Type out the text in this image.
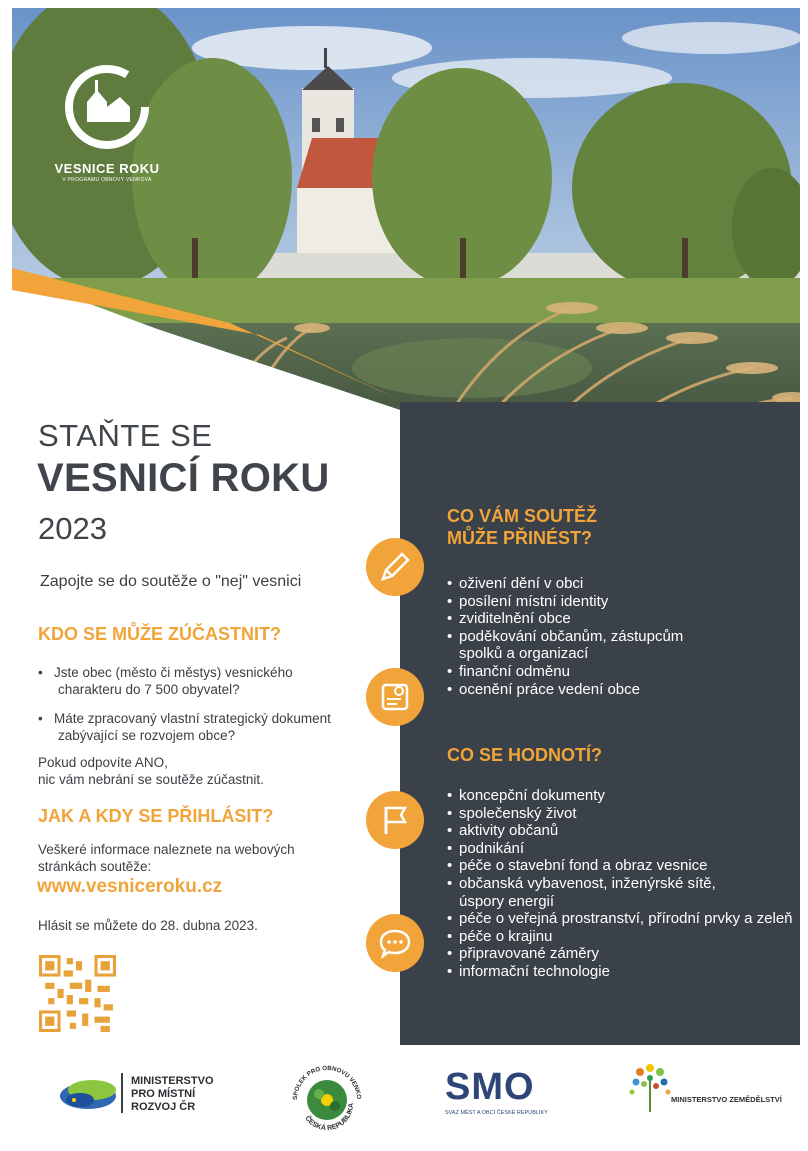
VESNICE ROKU
V PROGRAMU OBNOVY VENKOVA
STAŇTE SE
VESNICÍ ROKU
2023
Zapojte se do soutěže o "nej" vesnici
KDO SE MŮŽE ZÚČASTNIT?
• Jste obec (město či městys) vesnického
charakteru do 7 500 obyvatel?
• Máte zpracovaný vlastní strategický dokument
zabývající se rozvojem obce?
Pokud odpovíte ANO,
nic vám nebrání se soutěže zúčastnit.
JAK A KDY SE PŘIHLÁSIT?
Veškeré informace naleznete na webových
stránkách soutěže:
www.vesniceroku.cz
Hlásit se můžete do 28. dubna 2023.
CO VÁM SOUTĚŽ
MŮŽE PŘINÉST?
• oživení dění v obci
• posílení místní identity
• zviditelnění obce
• poděkování občanům, zástupcům
spolků a organizací
• finanční odměnu
• ocenění práce vedení obce
CO SE HODNOTÍ?
• koncepční dokumenty
• společenský život
• aktivity občanů
• podnikání
• péče o stavební fond a obraz vesnice
• občanská vybavenost, inženýrské sítě,
úspory energií
• péče o veřejná prostranství, přírodní prvky a zeleň
• péče o krajinu
• připravované záměry
• informační technologie
MINISTERSTVO
PRO MÍSTNÍ
ROZVOJ ČR
SPOLEK PRO OBNOVU VENKO
ČESKÁ REPUBLIKA SMO
SVAZ MĚST A OBCÍ ČESKÉ REPUBLIKY
MINISTERSTVO ZEMĚDĚLSTVÍ
